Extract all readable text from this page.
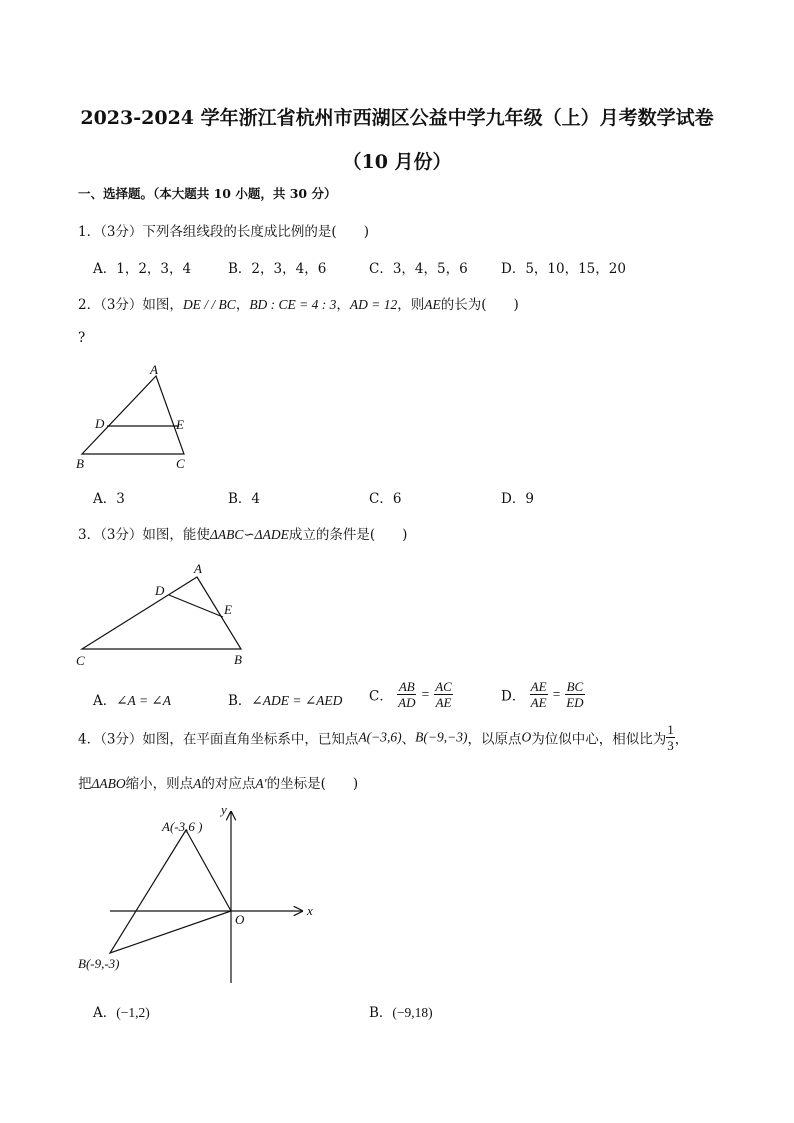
2023-2024 学年浙江省杭州市西湖区公益中学九年级（上）月考数学试卷
（10 月份）
一、选择题。（本大题共 10 小题，共 30 分）
1．（3分）下列各组线段的长度成比例的是(　　)
A．1，2，3，4	B．2，3，4，6	C．3，4，5，6 D．5，10，15，20
2．（3分）如图，DE / / BC，BD : CE = 4 : 3，AD = 12，则AE的长为(　　)
?
A
D	E
B	C
A．3	B．4	C．6	D．9
3．（3分）如图，能使ΔABC∽ΔADE成立的条件是(　　)
A
D
E
C	B
A．∠A = ∠A	B．∠ADE = ∠AED C． $\frac{AB}{AD} = \frac{AC}{AE}$	D． $\frac{AE}{AE} = \frac{BC}{ED}$
4．（3分）如图，在平面直角坐标系中，已知点A(−3,6)、B(−9,−3)，以原点O为位似中心，相似比为 $\frac{1}{3}$ ，
把ΔABO缩小，则点A的对应点A′的坐标是(　　)
A(-3,6 )
B(-9,-3)
O
x
y
A．(−1,2)	B．(−9,18)
